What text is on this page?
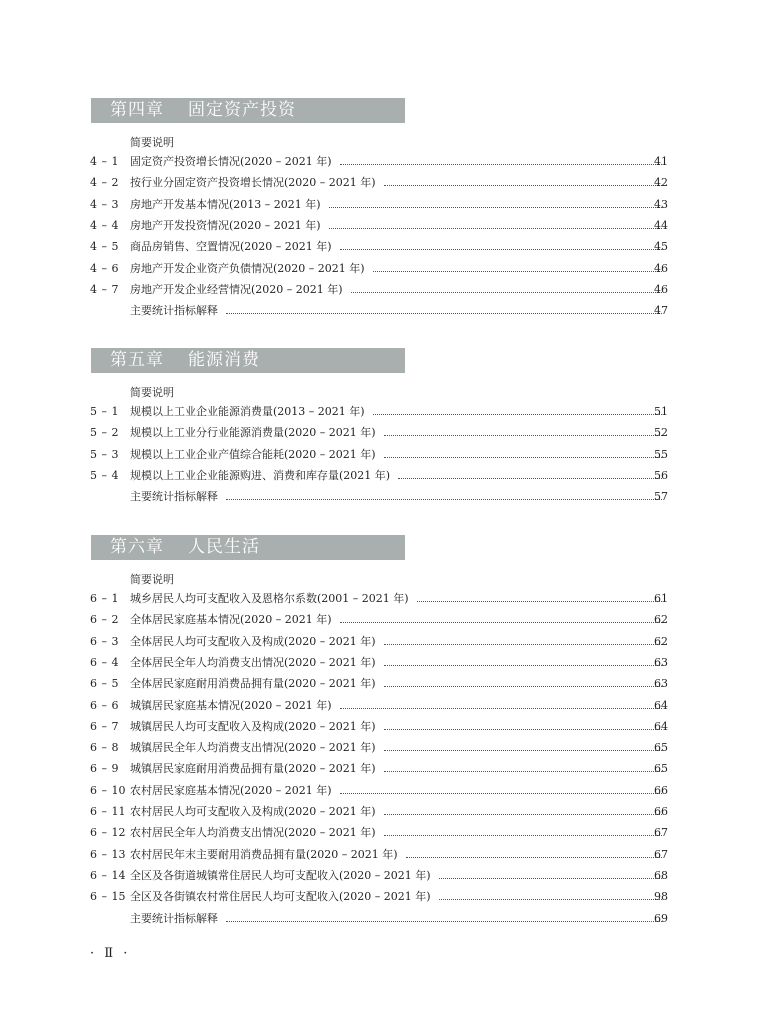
第四章 固定资产投资
简要说明
第五章 能源消费
简要说明
第六章 人民生活
简要说明
4 – 1	固定资产投资增长情况(2020 – 2021 年)	41
4 – 2	按行业分固定资产投资增长情况(2020 – 2021 年)	42
4 – 3	房地产开发基本情况(2013 – 2021 年)	43
4 – 4	房地产开发投资情况(2020 – 2021 年)	44
4 – 5	商品房销售、空置情况(2020 – 2021 年)	45
4 – 6	房地产开发企业资产负债情况(2020 – 2021 年)	46
4 – 7	房地产开发企业经营情况(2020 – 2021 年)	46
主要统计指标解释	47
5 – 1	规模以上工业企业能源消费量(2013 – 2021 年)	51
5 – 2	规模以上工业分行业能源消费量(2020 – 2021 年)	52
5 – 3	规模以上工业企业产值综合能耗(2020 – 2021 年)	55
5 – 4	规模以上工业企业能源购进、消费和库存量(2021 年)	56
主要统计指标解释	57
6 – 1	城乡居民人均可支配收入及恩格尔系数(2001 – 2021 年)	61
6 – 2	全体居民家庭基本情况(2020 – 2021 年)	62
6 – 3	全体居民人均可支配收入及构成(2020 – 2021 年)	62
6 – 4	全体居民全年人均消费支出情况(2020 – 2021 年)	63
6 – 5	全体居民家庭耐用消费品拥有量(2020 – 2021 年)	63
6 – 6	城镇居民家庭基本情况(2020 – 2021 年)	64
6 – 7	城镇居民人均可支配收入及构成(2020 – 2021 年)	64
6 – 8	城镇居民全年人均消费支出情况(2020 – 2021 年)	65
6 – 9	城镇居民家庭耐用消费品拥有量(2020 – 2021 年)	65
6 – 10 农村居民家庭基本情况(2020 – 2021 年)	66
6 – 11 农村居民人均可支配收入及构成(2020 – 2021 年)	66
6 – 12 农村居民全年人均消费支出情况(2020 – 2021 年)	67
6 – 13 农村居民年末主要耐用消费品拥有量(2020 – 2021 年)	67
6 – 14 全区及各街道城镇常住居民人均可支配收入(2020 – 2021 年)	68
6 – 15 全区及各街镇农村常住居民人均可支配收入(2020 – 2021 年)	98
主要统计指标解释	69
· Ⅱ ·
